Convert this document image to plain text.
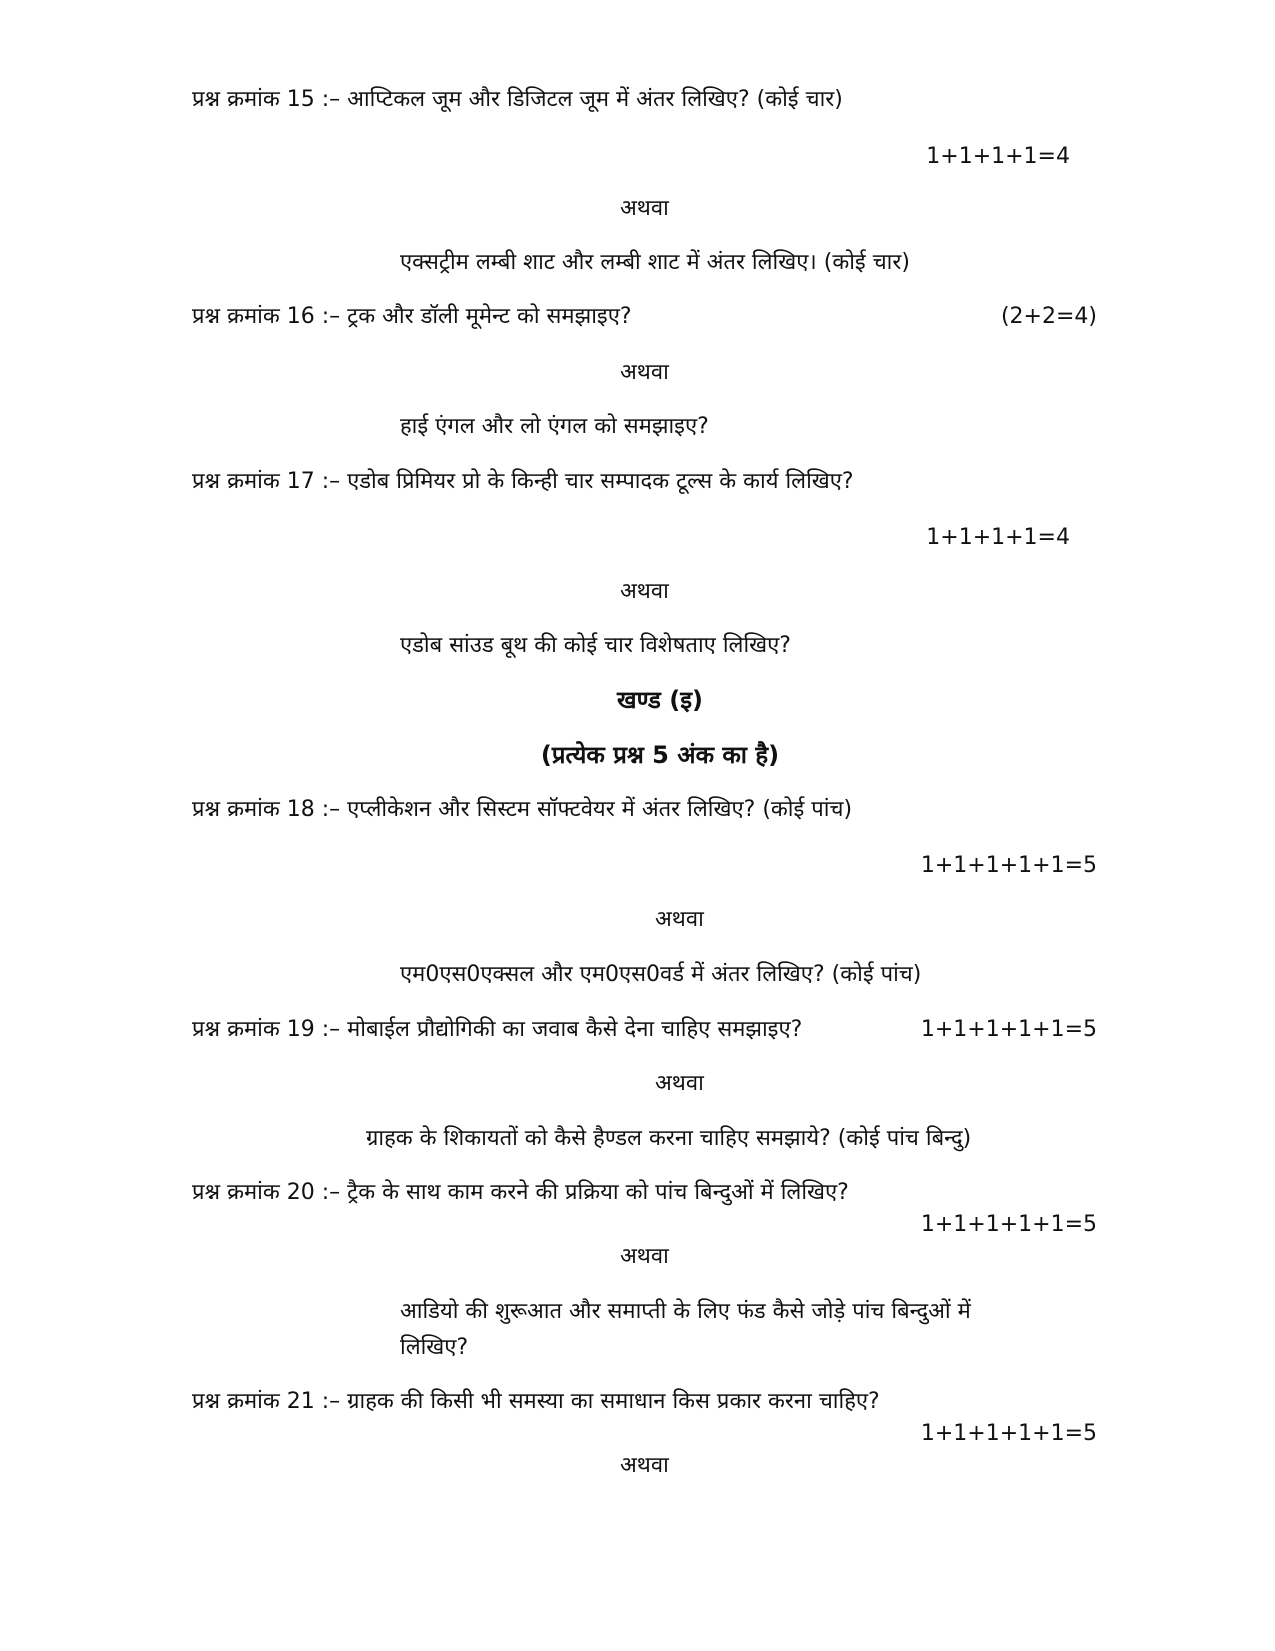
प्रश्न क्रमांक 15 :– आप्टिकल जूम और डिजिटल जूम में अंतर लिखिए? (कोई चार)
1+1+1+1=4
अथवा
एक्सट्रीम लम्बी शाट और लम्बी शाट में अंतर लिखिए। (कोई चार)
प्रश्न क्रमांक 16 :– ट्रक और डॉली मूमेन्ट को समझाइए?	(2+2=4)
अथवा
हाई एंगल और लो एंगल को समझाइए?
प्रश्न क्रमांक 17 :– एडोब प्रिमियर प्रो के किन्ही चार सम्पादक टूल्स के कार्य लिखिए?
1+1+1+1=4
अथवा
एडोब सांउड बूथ की कोई चार विशेषताए लिखिए?
खण्ड (इ)
(प्रत्येक प्रश्न 5 अंक का है)
प्रश्न क्रमांक 18 :– एप्लीकेशन और सिस्टम सॉफ्टवेयर में अंतर लिखिए? (कोई पांच)
1+1+1+1+1=5
अथवा
एम0एस0एक्सल और एम0एस0वर्ड में अंतर लिखिए? (कोई पांच)
प्रश्न क्रमांक 19 :– मोबाईल प्रौद्योगिकी का जवाब कैसे देना चाहिए समझाइए?	1+1+1+1+1=5
अथवा
ग्राहक के शिकायतों को कैसे हैण्डल करना चाहिए समझाये? (कोई पांच बिन्दु)
प्रश्न क्रमांक 20 :– ट्रैक के साथ काम करने की प्रक्रिया को पांच बिन्दुओं में लिखिए?
1+1+1+1+1=5
अथवा
आडियो की शुरूआत और समाप्ती के लिए फंड कैसे जोड़े पांच बिन्दुओं में
लिखिए?
प्रश्न क्रमांक 21 :– ग्राहक की किसी भी समस्या का समाधान किस प्रकार करना चाहिए?
1+1+1+1+1=5
अथवा
